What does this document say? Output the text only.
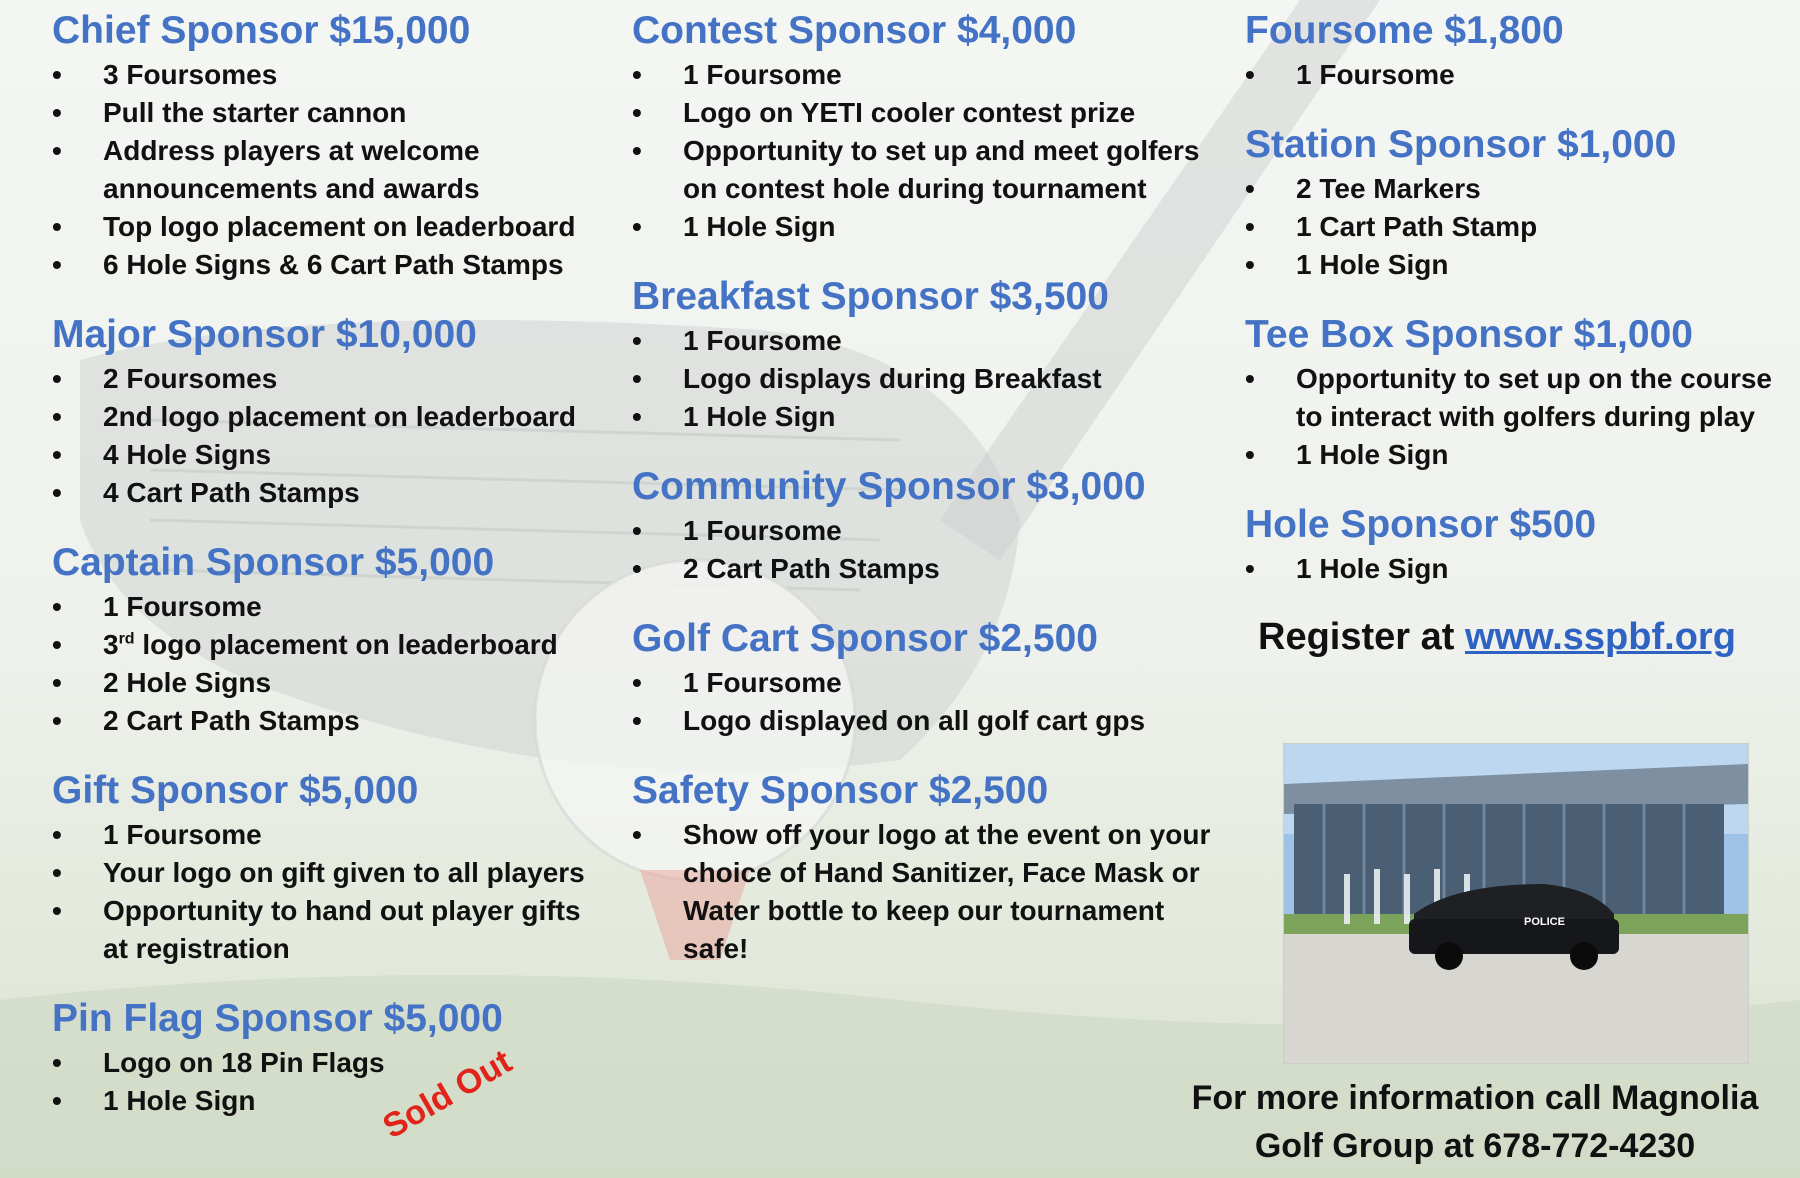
Chief Sponsor $15,000
• 3 Foursomes
• Pull the starter cannon
• Address players at welcome announcements and awards
• Top logo placement on leaderboard
• 6 Hole Signs & 6 Cart Path Stamps
Major Sponsor $10,000
• 2 Foursomes
• 2nd logo placement on leaderboard
• 4 Hole Signs
• 4 Cart Path Stamps
Captain Sponsor $5,000
• 1 Foursome
• 3rd logo placement on leaderboard
• 2 Hole Signs
• 2 Cart Path Stamps
Gift Sponsor $5,000
• 1 Foursome
• Your logo on gift given to all players
• Opportunity to hand out player gifts at registration
Pin Flag Sponsor $5,000
• Logo on 18 Pin Flags
• 1 Hole Sign
Contest Sponsor $4,000
• 1 Foursome
• Logo on YETI cooler contest prize
• Opportunity to set up and meet golfers on contest hole during tournament
• 1 Hole Sign
Breakfast Sponsor $3,500
• 1 Foursome
• Logo displays during Breakfast
• 1 Hole Sign
Community Sponsor $3,000
• 1 Foursome
• 2 Cart Path Stamps
Golf Cart Sponsor $2,500
• 1 Foursome
• Logo displayed on all golf cart gps
Safety Sponsor $2,500
• Show off your logo at the event on your choice of Hand Sanitizer, Face Mask or Water bottle to keep our tournament safe!
Foursome $1,800
• 1 Foursome
Station Sponsor $1,000
• 2 Tee Markers
• 1 Cart Path Stamp
• 1 Hole Sign
Tee Box Sponsor $1,000
• Opportunity to set up on the course to interact with golfers during play
• 1 Hole Sign
Hole Sponsor $500
• 1 Hole Sign
Register at www.sspbf.org
POLICE
For more information call Magnolia
Golf Group at 678-772-4230
Sold Out
